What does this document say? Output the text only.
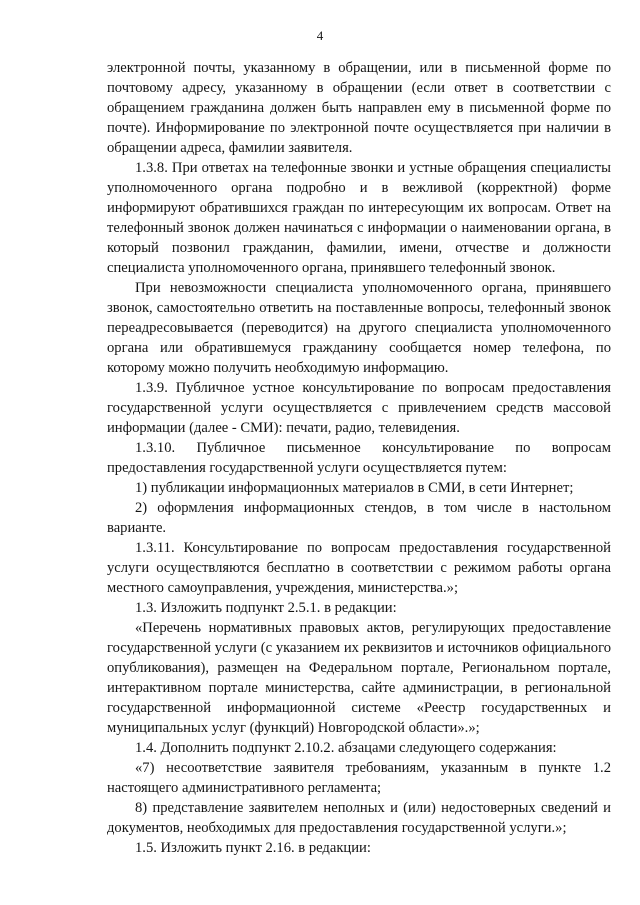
4

электронной почты, указанному в обращении, или в письменной форме по почтовому адресу, указанному в обращении (если ответ в соответствии с обращением гражданина должен быть направлен ему в письменной форме по почте). Информирование по электронной почте осуществляется при наличии в обращении адреса, фамилии заявителя.

1.3.8. При ответах на телефонные звонки и устные обращения специалисты уполномоченного органа подробно и в вежливой (корректной) форме информируют обратившихся граждан по интересующим их вопросам. Ответ на телефонный звонок должен начинаться с информации о наименовании органа, в который позвонил гражданин, фамилии, имени, отчестве и должности специалиста уполномоченного органа, принявшего телефонный звонок.

При невозможности специалиста уполномоченного органа, принявшего звонок, самостоятельно ответить на поставленные вопросы, телефонный звонок переадресовывается (переводится) на другого специалиста уполномоченного органа или обратившемуся гражданину сообщается номер телефона, по которому можно получить необходимую информацию.

1.3.9. Публичное устное консультирование по вопросам предоставления государственной услуги осуществляется с привлечением средств массовой информации (далее - СМИ): печати, радио, телевидения.

1.3.10. Публичное письменное консультирование по вопросам предоставления государственной услуги осуществляется путем:

1) публикации информационных материалов в СМИ, в сети Интернет;

2) оформления информационных стендов, в том числе в настольном варианте.

1.3.11. Консультирование по вопросам предоставления государственной услуги осуществляются бесплатно в соответствии с режимом работы органа местного самоуправления, учреждения, министерства.»;

1.3. Изложить подпункт 2.5.1. в редакции:

«Перечень нормативных правовых актов, регулирующих предоставление государственной услуги (с указанием их реквизитов и источников официального опубликования), размещен на Федеральном портале, Региональном портале, интерактивном портале министерства, сайте администрации, в региональной государственной информационной системе «Реестр государственных и муниципальных услуг (функций) Новгородской области».»;

1.4. Дополнить подпункт 2.10.2. абзацами следующего содержания:

«7) несоответствие заявителя требованиям, указанным в пункте 1.2 настоящего административного регламента;

8) представление заявителем неполных и (или) недостоверных сведений и документов, необходимых для предоставления государственной услуги.»;

1.5. Изложить пункт 2.16. в редакции:
